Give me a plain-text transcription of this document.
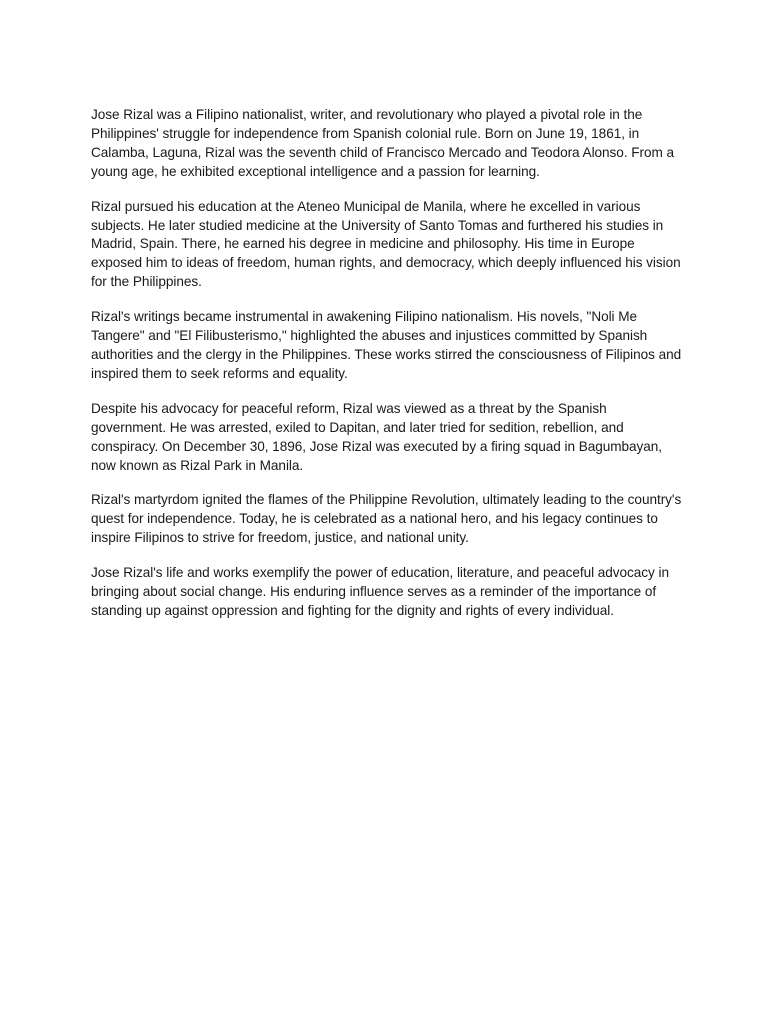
Jose Rizal was a Filipino nationalist, writer, and revolutionary who played a pivotal role in the Philippines' struggle for independence from Spanish colonial rule. Born on June 19, 1861, in Calamba, Laguna, Rizal was the seventh child of Francisco Mercado and Teodora Alonso. From a young age, he exhibited exceptional intelligence and a passion for learning.

Rizal pursued his education at the Ateneo Municipal de Manila, where he excelled in various subjects. He later studied medicine at the University of Santo Tomas and furthered his studies in Madrid, Spain. There, he earned his degree in medicine and philosophy. His time in Europe exposed him to ideas of freedom, human rights, and democracy, which deeply influenced his vision for the Philippines.

Rizal's writings became instrumental in awakening Filipino nationalism. His novels, "Noli Me Tangere" and "El Filibusterismo," highlighted the abuses and injustices committed by Spanish authorities and the clergy in the Philippines. These works stirred the consciousness of Filipinos and inspired them to seek reforms and equality.

Despite his advocacy for peaceful reform, Rizal was viewed as a threat by the Spanish government. He was arrested, exiled to Dapitan, and later tried for sedition, rebellion, and conspiracy. On December 30, 1896, Jose Rizal was executed by a firing squad in Bagumbayan, now known as Rizal Park in Manila.

Rizal's martyrdom ignited the flames of the Philippine Revolution, ultimately leading to the country's quest for independence. Today, he is celebrated as a national hero, and his legacy continues to inspire Filipinos to strive for freedom, justice, and national unity.

Jose Rizal's life and works exemplify the power of education, literature, and peaceful advocacy in bringing about social change. His enduring influence serves as a reminder of the importance of standing up against oppression and fighting for the dignity and rights of every individual.
